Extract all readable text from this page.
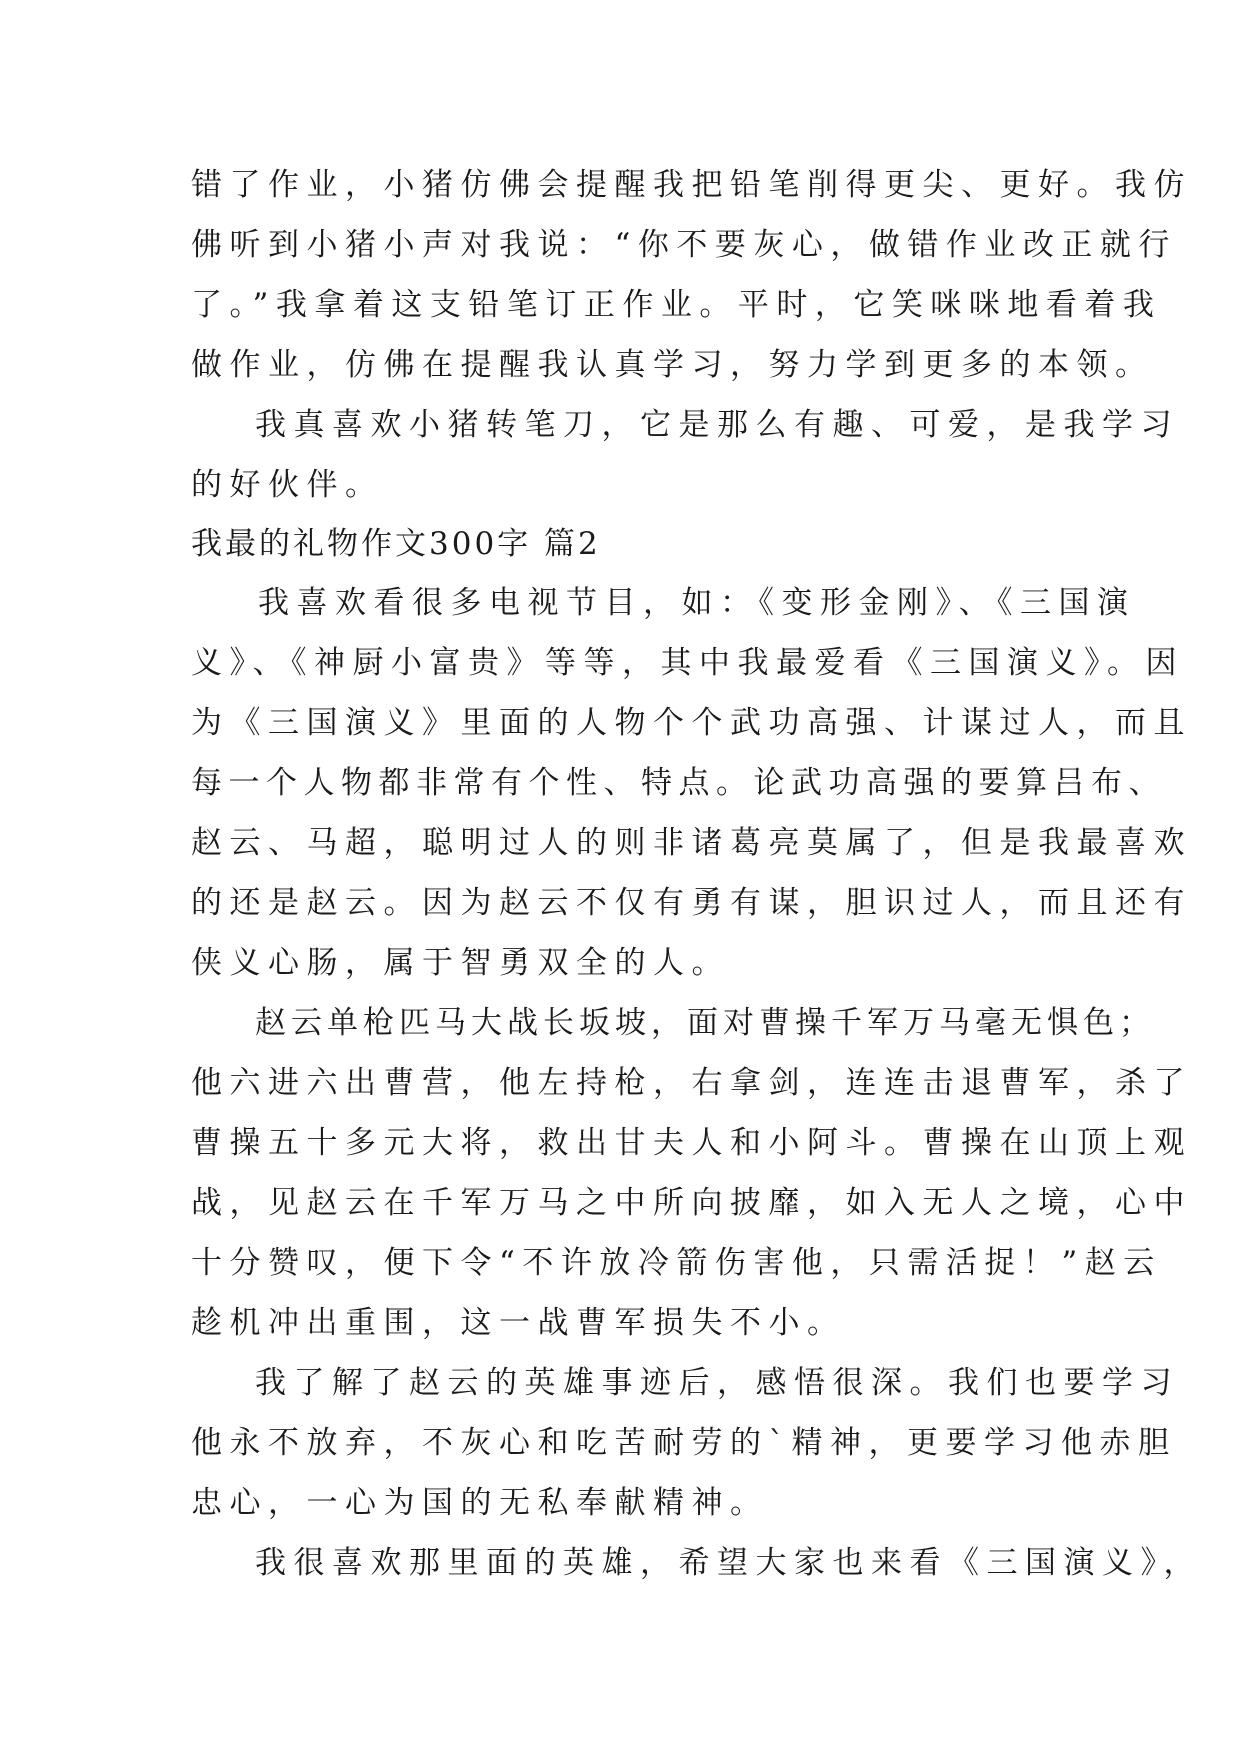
错了作业，小猪仿佛会提醒我把铅笔削得更尖、更好。我仿
佛听到小猪小声对我说：“你不要灰心，做错作业改正就行
了。”我拿着这支铅笔订正作业。平时，它笑咪咪地看着我
做作业，仿佛在提醒我认真学习，努力学到更多的本领。
我真喜欢小猪转笔刀，它是那么有趣、可爱，是我学习
的好伙伴。
我最的礼物作文300字 篇2
我喜欢看很多电视节目，如：《变形金刚》、《三国演
义》、《神厨小富贵》等等，其中我最爱看《三国演义》。因
为《三国演义》里面的人物个个武功高强、计谋过人，而且
每一个人物都非常有个性、特点。论武功高强的要算吕布、
赵云、马超，聪明过人的则非诸葛亮莫属了，但是我最喜欢
的还是赵云。因为赵云不仅有勇有谋，胆识过人，而且还有
侠义心肠，属于智勇双全的人。
赵云单枪匹马大战长坂坡，面对曹操千军万马毫无惧色；
他六进六出曹营，他左持枪，右拿剑，连连击退曹军，杀了
曹操五十多元大将，救出甘夫人和小阿斗。曹操在山顶上观
战，见赵云在千军万马之中所向披靡，如入无人之境，心中
十分赞叹，便下令“不许放冷箭伤害他，只需活捉！”赵云
趁机冲出重围，这一战曹军损失不小。
我了解了赵云的英雄事迹后，感悟很深。我们也要学习
他永不放弃，不灰心和吃苦耐劳的`精神，更要学习他赤胆
忠心，一心为国的无私奉献精神。
我很喜欢那里面的英雄，希望大家也来看《三国演义》，
